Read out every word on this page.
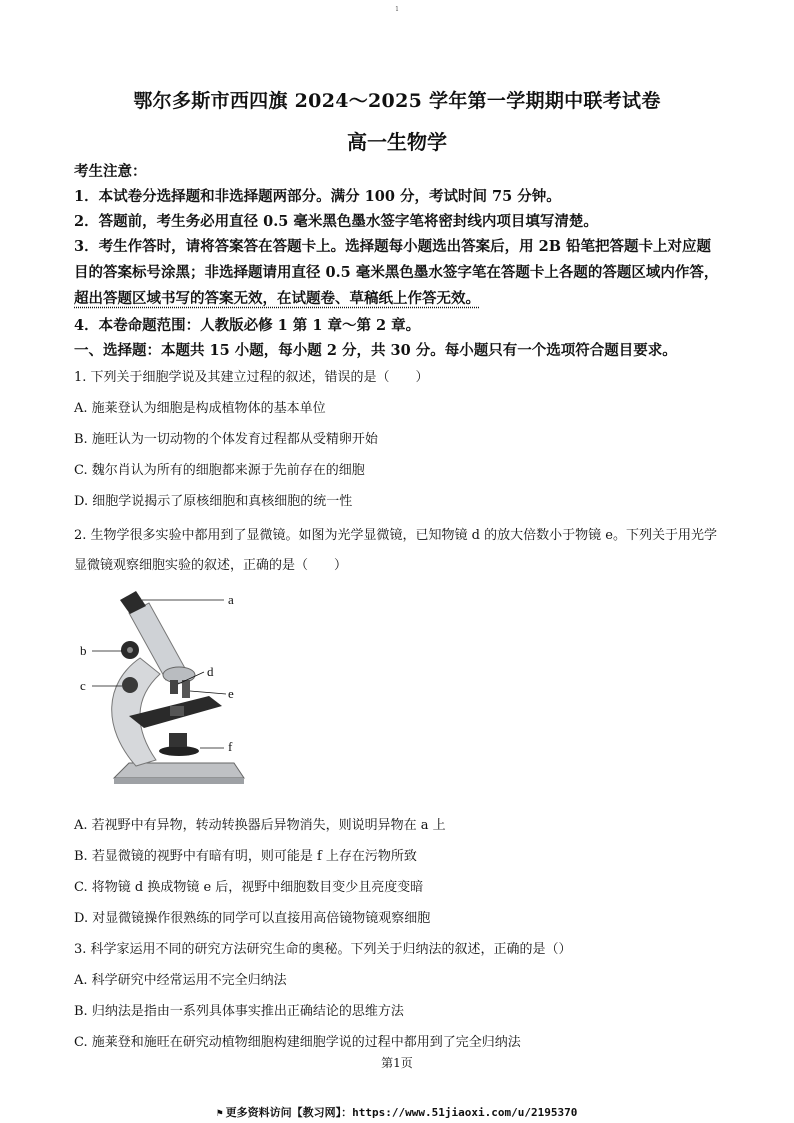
1
鄂尔多斯市西四旗 2024～2025 学年第一学期期中联考试卷
高一生物学
考生注意：
1．本试卷分选择题和非选择题两部分。满分 100 分，考试时间 75 分钟。
2．答题前，考生务必用直径 0.5 毫米黑色墨水签字笔将密封线内项目填写清楚。
3．考生作答时，请将答案答在答题卡上。选择题每小题选出答案后，用 2B 铅笔把答题卡上对应题目的答案标号涂黑；非选择题请用直径 0.5 毫米黑色墨水签字笔在答题卡上各题的答题区域内作答，超出答题区域书写的答案无效，在试题卷、草稿纸上作答无效。
4．本卷命题范围：人教版必修 1 第 1 章～第 2 章。
一、选择题：本题共 15 小题，每小题 2 分，共 30 分。每小题只有一个选项符合题目要求。
1. 下列关于细胞学说及其建立过程的叙述，错误的是（　　）
A. 施莱登认为细胞是构成植物体的基本单位
B. 施旺认为一切动物的个体发育过程都从受精卵开始
C. 魏尔肖认为所有的细胞都来源于先前存在的细胞
D. 细胞学说揭示了原核细胞和真核细胞的统一性
2. 生物学很多实验中都用到了显微镜。如图为光学显微镜，已知物镜 d 的放大倍数小于物镜 e。下列关于用光学显微镜观察细胞实验的叙述，正确的是（　　）
a
b
c
d
e
f
A. 若视野中有异物，转动转换器后异物消失，则说明异物在 a 上
B. 若显微镜的视野中有暗有明，则可能是 f 上存在污物所致
C. 将物镜 d 换成物镜 e 后，视野中细胞数目变少且亮度变暗
D. 对显微镜操作很熟练的同学可以直接用高倍镜物镜观察细胞
3. 科学家运用不同的研究方法研究生命的奥秘。下列关于归纳法的叙述，正确的是（）
A. 科学研究中经常运用不完全归纳法
B. 归纳法是指由一系列具体事实推出正确结论的思维方法
C. 施莱登和施旺在研究动植物细胞构建细胞学说的过程中都用到了完全归纳法
第1页
⚑ 更多资料访问【教习网】：https://www.51jiaoxi.com/u/2195370
